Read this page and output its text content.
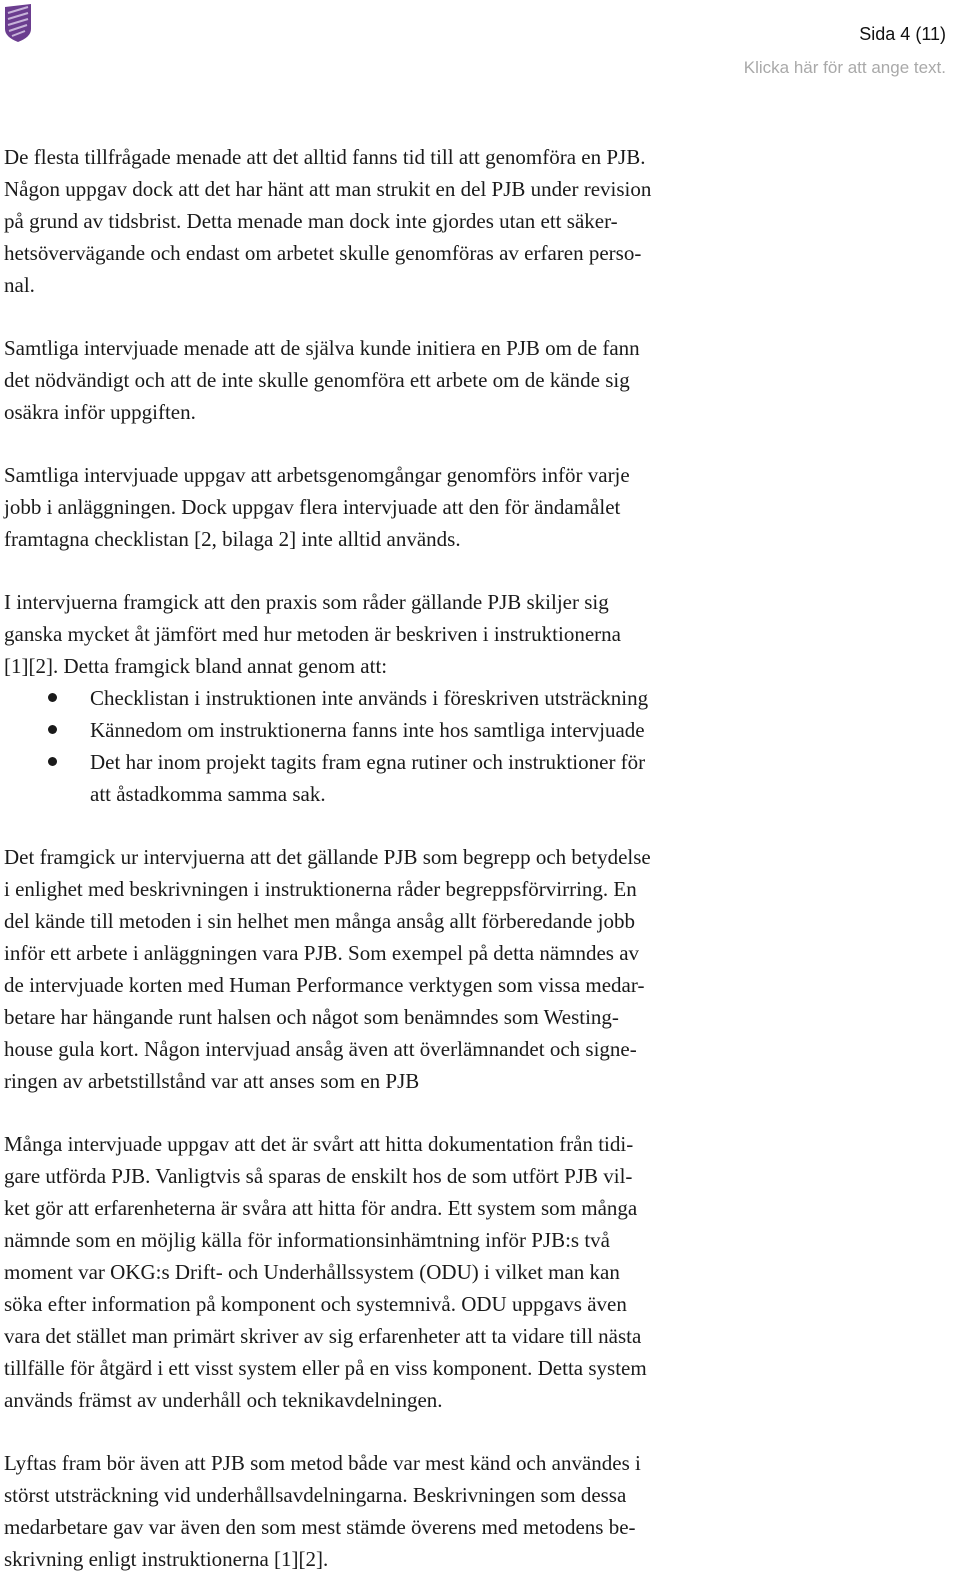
Sida 4 (11)
Klicka här för att ange text.
De flesta tillfrågade menade att det alltid fanns tid till att genomföra en PJB.
Någon uppgav dock att det har hänt att man strukit en del PJB under revision
på grund av tidsbrist. Detta menade man dock inte gjordes utan ett säker-
hetsövervägande och endast om arbetet skulle genomföras av erfaren perso-
nal.
Samtliga intervjuade menade att de själva kunde initiera en PJB om de fann
det nödvändigt och att de inte skulle genomföra ett arbete om de kände sig
osäkra inför uppgiften.
Samtliga intervjuade uppgav att arbetsgenomgångar genomförs inför varje
jobb i anläggningen. Dock uppgav flera intervjuade att den för ändamålet
framtagna checklistan [2, bilaga 2] inte alltid används.
I intervjuerna framgick att den praxis som råder gällande PJB skiljer sig
ganska mycket åt jämfört med hur metoden är beskriven i instruktionerna
[1][2]. Detta framgick bland annat genom att:
Checklistan i instruktionen inte används i föreskriven utsträckning
Kännedom om instruktionerna fanns inte hos samtliga intervjuade
Det har inom projekt tagits fram egna rutiner och instruktioner för
att åstadkomma samma sak.
Det framgick ur intervjuerna att det gällande PJB som begrepp och betydelse
i enlighet med beskrivningen i instruktionerna råder begreppsförvirring. En
del kände till metoden i sin helhet men många ansåg allt förberedande jobb
inför ett arbete i anläggningen vara PJB. Som exempel på detta nämndes av
de intervjuade korten med Human Performance verktygen som vissa medar-
betare har hängande runt halsen och något som benämndes som Westing-
house gula kort. Någon intervjuad ansåg även att överlämnandet och signe-
ringen av arbetstillstånd var att anses som en PJB
Många intervjuade uppgav att det är svårt att hitta dokumentation från tidi-
gare utförda PJB. Vanligtvis så sparas de enskilt hos de som utfört PJB vil-
ket gör att erfarenheterna är svåra att hitta för andra. Ett system som många
nämnde som en möjlig källa för informationsinhämtning inför PJB:s två
moment var OKG:s Drift- och Underhållssystem (ODU) i vilket man kan
söka efter information på komponent och systemnivå. ODU uppgavs även
vara det stället man primärt skriver av sig erfarenheter att ta vidare till nästa
tillfälle för åtgärd i ett visst system eller på en viss komponent. Detta system
används främst av underhåll och teknikavdelningen.
Lyftas fram bör även att PJB som metod både var mest känd och användes i
störst utsträckning vid underhållsavdelningarna. Beskrivningen som dessa
medarbetare gav var även den som mest stämde överens med metodens be-
skrivning enligt instruktionerna [1][2].
